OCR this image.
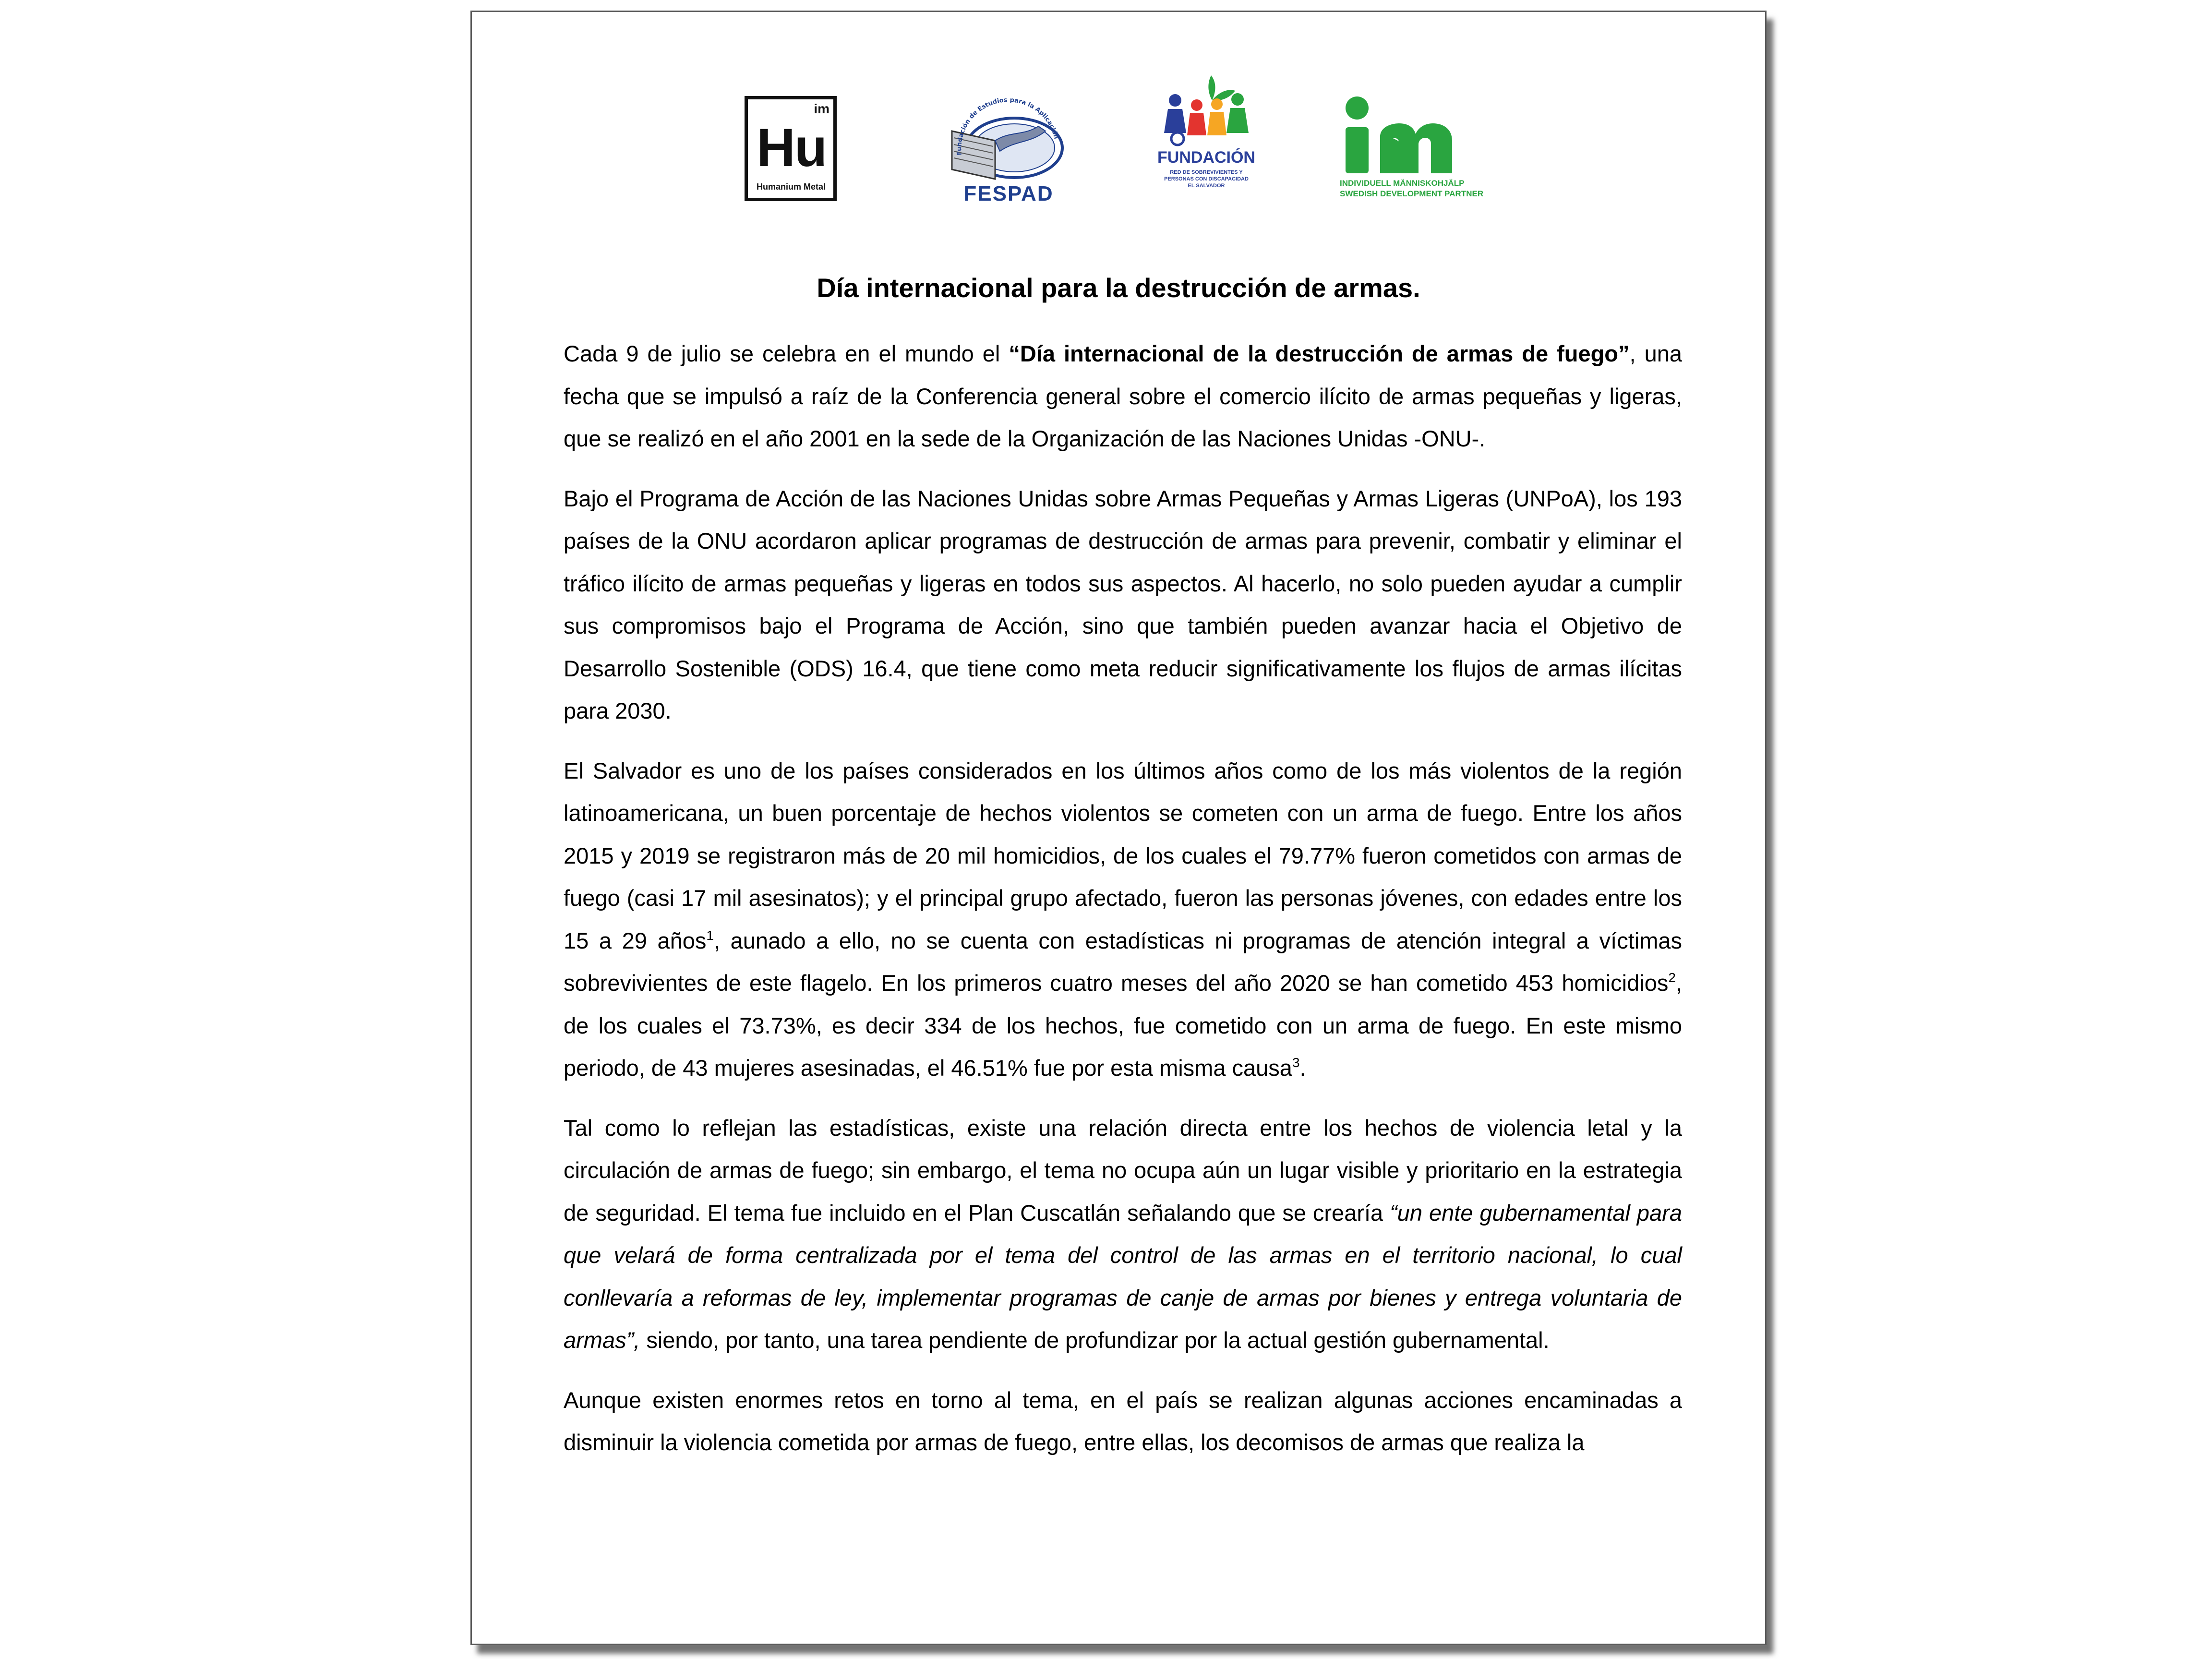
im
Hu
Humanium Metal
Fundación de Estudios para la Aplicación
FESPAD
FUNDACIÓN
RED DE SOBREVIVIENTES Y PERSONAS CON DISCAPACIDAD EL SALVADOR	INDIVIDUELL MÄNNISKOHJÄLP
SWEDISH DEVELOPMENT PARTNER
Día internacional para la destrucción de armas.

Cada 9 de julio se celebra en el mundo el “Día internacional de la destrucción de armas de fuego”, una fecha que se impulsó a raíz de la Conferencia general sobre el comercio ilícito de armas pequeñas y ligeras, que se realizó en el año 2001 en la sede de la Organización de las Naciones Unidas -ONU-.

Bajo el Programa de Acción de las Naciones Unidas sobre Armas Pequeñas y Armas Ligeras (UNPoA), los 193 países de la ONU acordaron aplicar programas de destrucción de armas para prevenir, combatir y eliminar el tráfico ilícito de armas pequeñas y ligeras en todos sus aspectos. Al hacerlo, no solo pueden ayudar a cumplir sus compromisos bajo el Programa de Acción, sino que también pueden avanzar hacia el Objetivo de Desarrollo Sostenible (ODS) 16.4, que tiene como meta reducir significativamente los flujos de armas ilícitas para 2030.

El Salvador es uno de los países considerados en los últimos años como de los más violentos de la región latinoamericana, un buen porcentaje de hechos violentos se cometen con un arma de fuego. Entre los años 2015 y 2019 se registraron más de 20 mil homicidios, de los cuales el 79.77% fueron cometidos con armas de fuego (casi 17 mil asesinatos); y el principal grupo afectado, fueron las personas jóvenes, con edades entre los 15 a 29 años$^1$, aunado a ello, no se cuenta con estadísticas ni programas de atención integral a víctimas sobrevivientes de este flagelo. En los primeros cuatro meses del año 2020 se han cometido 453 homicidios$^2$, de los cuales el 73.73%, es decir 334 de los hechos, fue cometido con un arma de fuego. En este mismo periodo, de 43 mujeres asesinadas, el 46.51% fue por esta misma causa$^3$.

Tal como lo reflejan las estadísticas, existe una relación directa entre los hechos de violencia letal y la circulación de armas de fuego; sin embargo, el tema no ocupa aún un lugar visible y prioritario en la estrategia de seguridad. El tema fue incluido en el Plan Cuscatlán señalando que se crearía “un ente gubernamental para que velará de forma centralizada por el tema del control de las armas en el territorio nacional, lo cual conllevaría a reformas de ley, implementar programas de canje de armas por bienes y entrega voluntaria de armas”, siendo, por tanto, una tarea pendiente de profundizar por la actual gestión gubernamental.

Aunque existen enormes retos en torno al tema, en el país se realizan algunas acciones encaminadas a disminuir la violencia cometida por armas de fuego, entre ellas, los decomisos de armas que realiza la
